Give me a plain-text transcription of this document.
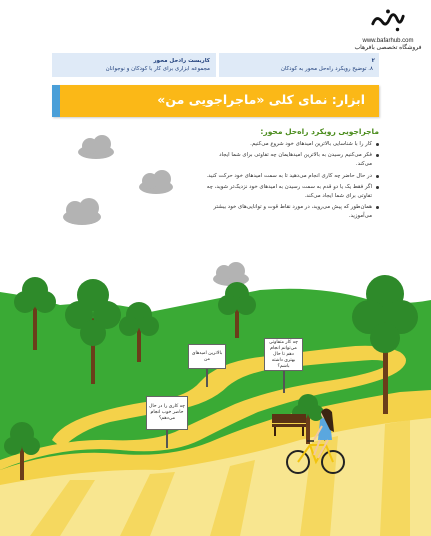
www.bafarhub.com
فروشگاه تخصصی بافرهاب
کاربست رادحل محور
مجموعه ابزاری برای کار با کودکان و نوجوانان
۲
۸. توضیح رویکرد راه‌حل محور به کودکان
ابزار: نمای کلی «ماجراجویی من»
ماجراجویی رویکرد راه‌حل محور:
کار را با شناسایی بالاترین امیدهای خود شروع می‌کنیم.
فکر می‌کنیم رسیدن به بالاترین امیدهایمان چه تفاوتی برای شما ایجاد می‌کند.
در حال حاضر چه کاری انجام می‌دهید تا به سمت امیدهای خود حرکت کنید.
اگر فقط یک یا دو قدم به سمت رسیدن به امیدهای خود نزدیک‌تر شوید، چه تفاوتی برای شما ایجاد می‌کند.
همان‌طور که پیش می‌روید، در مورد نقاط قوت و توانایی‌های خود بیشتر می‌آموزید.
بالاترین امیدهای من
چه کار متفاوتی می‌توانم انجام دهم تا حال بهتری داشته باشم؟
چه کاری را در حال حاضر خوب انجام می‌دهم؟
